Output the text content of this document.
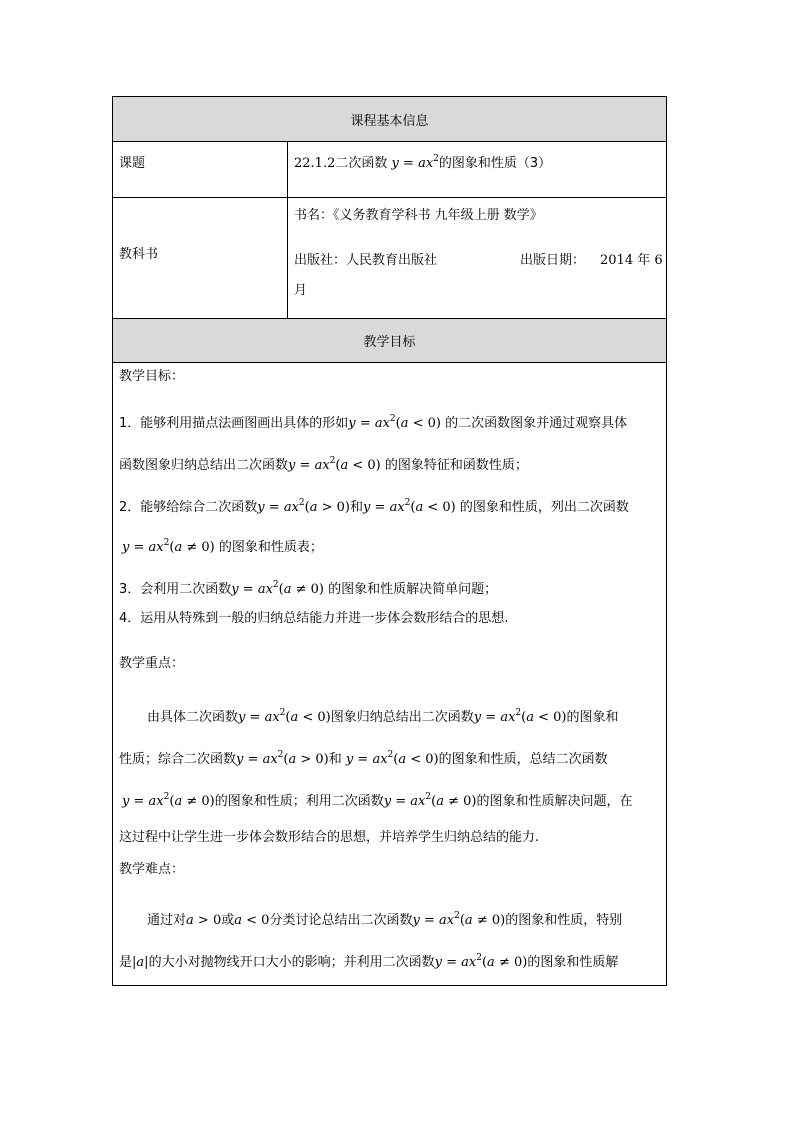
课程基本信息
课题	22.1.2二次函数 $y = ax^2$的图象和性质（3）
教科书
书名：《义务教育学科书 九年级上册 数学》
出版社：人民教育出版社	出版日期： 2014 年 6
月
教学目标
教学目标：
1．能够利用描点法画图画出具体的形如$y = ax^2(a < 0)$ 的二次函数图象并通过观察具体
函数图象归纳总结出二次函数$y = ax^2(a < 0)$ 的图象特征和函数性质；
2．能够给综合二次函数$y = ax^2(a > 0)$和$y = ax^2(a < 0)$ 的图象和性质，列出二次函数
$y = ax^2(a \ne 0)$ 的图象和性质表；
3．会利用二次函数$y = ax^2(a \ne 0)$ 的图象和性质解决简单问题；
4．运用从特殊到一般的归纳总结能力并进一步体会数形结合的思想.
教学重点：
由具体二次函数$y = ax^2(a < 0)$图象归纳总结出二次函数$y = ax^2(a < 0)$的图象和
性质；综合二次函数$y = ax^2(a > 0)$和 $y = ax^2(a < 0)$的图象和性质，总结二次函数
$y = ax^2(a \ne 0)$的图象和性质；利用二次函数$y = ax^2(a \ne 0)$的图象和性质解决问题，在
这过程中让学生进一步体会数形结合的思想，并培养学生归纳总结的能力.
教学难点：
通过对a > 0或a < 0分类讨论总结出二次函数$y = ax^2(a \ne 0)$的图象和性质，特别
是|a|的大小对抛物线开口大小的影响；并利用二次函数$y = ax^2(a \ne 0)$的图象和性质解
